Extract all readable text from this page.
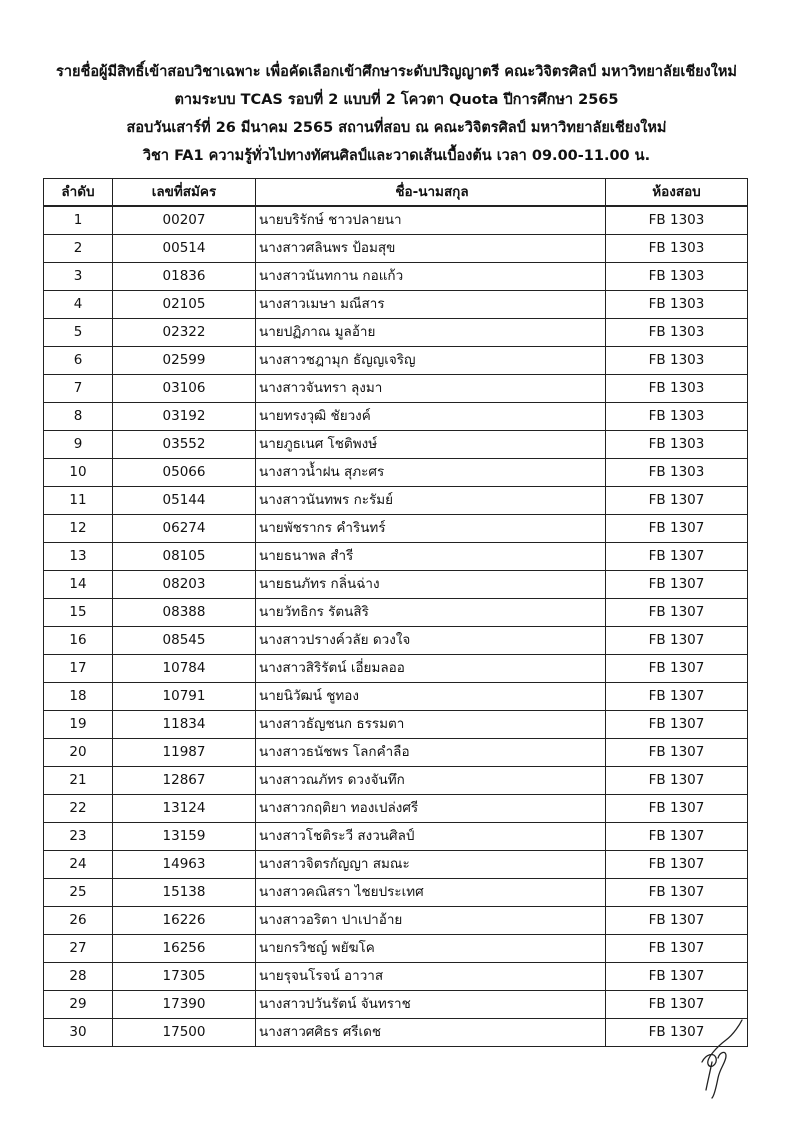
รายชื่อผู้มีสิทธิ์เข้าสอบวิชาเฉพาะ เพื่อคัดเลือกเข้าศึกษาระดับปริญญาตรี คณะวิจิตรศิลป์ มหาวิทยาลัยเชียงใหม่
ตามระบบ TCAS รอบที่ 2 แบบที่ 2 โควตา Quota ปีการศึกษา 2565
สอบวันเสาร์ที่ 26 มีนาคม 2565 สถานที่สอบ ณ คณะวิจิตรศิลป์ มหาวิทยาลัยเชียงใหม่
วิชา FA1 ความรู้ทั่วไปทางทัศนศิลป์และวาดเส้นเบื้องต้น เวลา 09.00-11.00 น.
ลำดับ	เลขที่สมัคร	ชื่อ-นามสกุล	ห้องสอบ
1	00207	นายบริรักษ์ ชาวปลายนา	FB 1303
2	00514	นางสาวศลินพร ป้อมสุข	FB 1303
3	01836	นางสาวนันทกาน กอแก้ว	FB 1303
4	02105	นางสาวเมษา มณีสาร	FB 1303
5	02322	นายปฏิภาณ มูลอ้าย	FB 1303
6	02599	นางสาวชฎามุก ธัญญเจริญ	FB 1303
7	03106	นางสาวจันทรา ลุงมา	FB 1303
8	03192	นายทรงวุฒิ ชัยวงค์	FB 1303
9	03552	นายภูธเนศ โชติพงษ์	FB 1303
10	05066	นางสาวน้ำฝน สุภะศร	FB 1303
11	05144	นางสาวนันทพร กะรัมย์	FB 1307
12	06274	นายพัชรากร คำรินทร์	FB 1307
13	08105	นายธนาพล สำรี	FB 1307
14	08203	นายธนภัทร กลิ่นฉ่าง	FB 1307
15	08388	นายวัทธิกร รัตนสิริ	FB 1307
16	08545	นางสาวปรางค์วลัย ดวงใจ	FB 1307
17	10784	นางสาวสิริรัตน์ เอี่ยมลออ	FB 1307
18	10791	นายนิวัฒน์ ชูทอง	FB 1307
19	11834	นางสาวธัญชนก ธรรมตา	FB 1307
20	11987	นางสาวธนัชพร โลกคำลือ	FB 1307
21	12867	นางสาวณภัทร ดวงจันทึก	FB 1307
22	13124	นางสาวกฤติยา ทองเปล่งศรี	FB 1307
23	13159	นางสาวโชติระวี สงวนศิลป์	FB 1307
24	14963	นางสาวจิตรกัญญา สมณะ	FB 1307
25	15138	นางสาวคณิสรา ไชยประเทศ	FB 1307
26	16226	นางสาวอริตา ปาเปาอ้าย	FB 1307
27	16256	นายกรวิชญ์ พยัฆโค	FB 1307
28	17305	นายรุจนโรจน์ อาวาส	FB 1307
29	17390	นางสาวปวันรัตน์ จันทราช	FB 1307
30	17500	นางสาวศศิธร ศรีเดช	FB 1307
